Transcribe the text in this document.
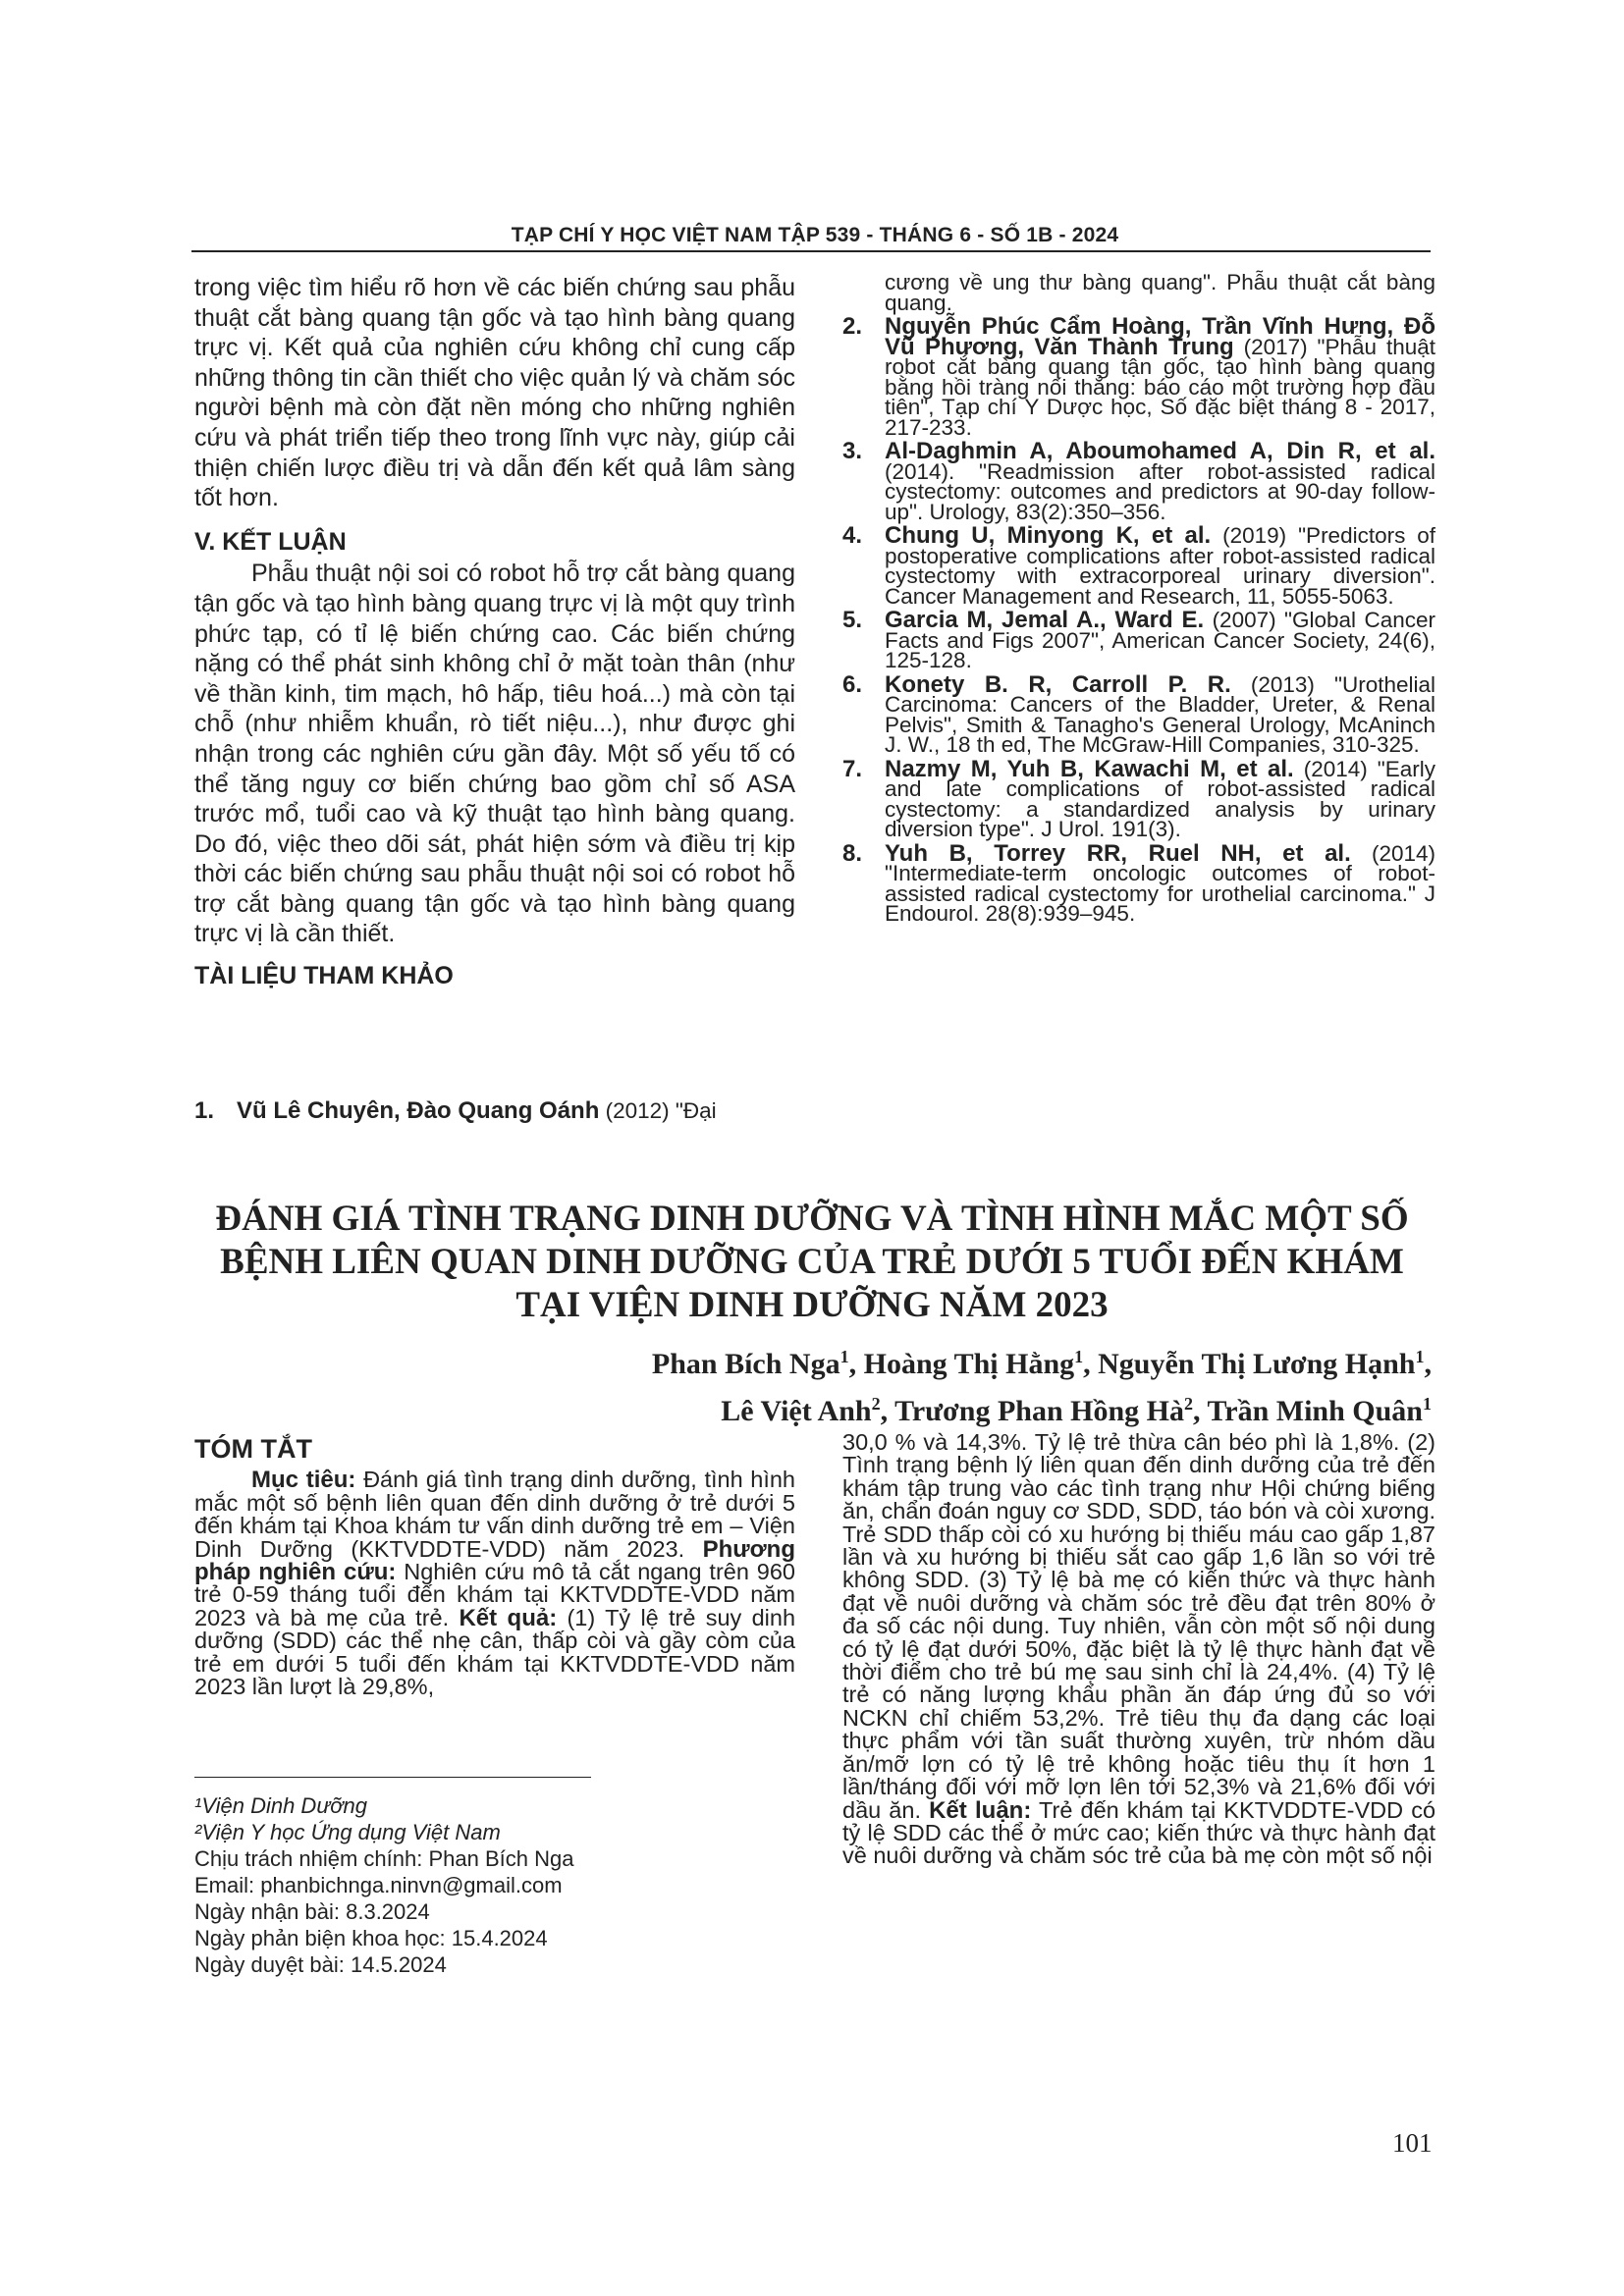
TẠP CHÍ Y HỌC VIỆT NAM TẬP 539 - THÁNG 6 - SỐ 1B - 2024

trong việc tìm hiểu rõ hơn về các biến chứng sau phẫu thuật cắt bàng quang tận gốc và tạo hình bàng quang trực vị. Kết quả của nghiên cứu không chỉ cung cấp những thông tin cần thiết cho việc quản lý và chăm sóc người bệnh mà còn đặt nền móng cho những nghiên cứu và phát triển tiếp theo trong lĩnh vực này, giúp cải thiện chiến lược điều trị và dẫn đến kết quả lâm sàng tốt hơn.

V. KẾT LUẬN

Phẫu thuật nội soi có robot hỗ trợ cắt bàng quang tận gốc và tạo hình bàng quang trực vị là một quy trình phức tạp, có tỉ lệ biến chứng cao. Các biến chứng nặng có thể phát sinh không chỉ ở mặt toàn thân (như về thần kinh, tim mạch, hô hấp, tiêu hoá...) mà còn tại chỗ (như nhiễm khuẩn, rò tiết niệu...), như được ghi nhận trong các nghiên cứu gần đây. Một số yếu tố có thể tăng nguy cơ biến chứng bao gồm chỉ số ASA trước mổ, tuổi cao và kỹ thuật tạo hình bàng quang. Do đó, việc theo dõi sát, phát hiện sớm và điều trị kịp thời các biến chứng sau phẫu thuật nội soi có robot hỗ trợ cắt bàng quang tận gốc và tạo hình bàng quang trực vị là cần thiết.

TÀI LIỆU THAM KHẢO
1. Vũ Lê Chuyên, Đào Quang Oánh (2012) "Đại
cương về ung thư bàng quang". Phẫu thuật cắt bàng quang.
2. Nguyễn Phúc Cẩm Hoàng, Trần Vĩnh Hưng, Đỗ Vũ Phương, Văn Thành Trung (2017) "Phẫu thuật robot cắt bàng quang tận gốc, tạo hình bàng quang bằng hồi tràng nối thẳng: báo cáo một trường hợp đầu tiên", Tạp chí Y Dược học, Số đặc biệt tháng 8 - 2017, 217-233.
3. Al-Daghmin A, Aboumohamed A, Din R, et al. (2014). "Readmission after robot-assisted radical cystectomy: outcomes and predictors at 90-day follow-up". Urology, 83(2):350–356.
4. Chung U, Minyong K, et al. (2019) "Predictors of postoperative complications after robot-assisted radical cystectomy with extracorporeal urinary diversion". Cancer Management and Research, 11, 5055-5063.
5. Garcia M, Jemal A., Ward E. (2007) "Global Cancer Facts and Figs 2007", American Cancer Society, 24(6), 125-128.
6. Konety B. R, Carroll P. R. (2013) "Urothelial Carcinoma: Cancers of the Bladder, Ureter, & Renal Pelvis", Smith & Tanagho's General Urology, McAninch J. W., 18 th ed, The McGraw-Hill Companies, 310-325.
7. Nazmy M, Yuh B, Kawachi M, et al. (2014) "Early and late complications of robot-assisted radical cystectomy: a standardized analysis by urinary diversion type". J Urol. 191(3).
8. Yuh B, Torrey RR, Ruel NH, et al. (2014) "Intermediate-term oncologic outcomes of robot-assisted radical cystectomy for urothelial carcinoma." J Endourol. 28(8):939–945.
ĐÁNH GIÁ TÌNH TRẠNG DINH DƯỠNG VÀ TÌNH HÌNH MẮC MỘT SỐ BỆNH LIÊN QUAN DINH DƯỠNG CỦA TRẺ DƯỚI 5 TUỔI ĐẾN KHÁM TẠI VIỆN DINH DƯỠNG NĂM 2023
Phan Bích Nga$^1$, Hoàng Thị Hằng$^1$, Nguyễn Thị Lương Hạnh$^1$,
Lê Việt Anh$^2$, Trương Phan Hồng $Hà^2$, Trần Minh Quân$^1$
TÓM TẮT

Mục tiêu: Đánh giá tình trạng dinh dưỡng, tình hình mắc một số bệnh liên quan đến dinh dưỡng ở trẻ dưới 5 đến khám tại Khoa khám tư vấn dinh dưỡng trẻ em – Viện Dinh Dưỡng (KKTVDDTE-VDD) năm 2023. Phương pháp nghiên cứu: Nghiên cứu mô tả cắt ngang trên 960 trẻ 0-59 tháng tuổi đến khám tại KKTVDDTE-VDD năm 2023 và bà mẹ của trẻ. Kết quả: (1) Tỷ lệ trẻ suy dinh dưỡng (SDD) các thể nhẹ cân, thấp còi và gầy còm của trẻ em dưới 5 tuổi đến khám tại KKTVDDTE-VDD năm 2023 lần lượt là 29,8%,

30,0 % và 14,3%. Tỷ lệ trẻ thừa cân béo phì là 1,8%. (2) Tình trạng bệnh lý liên quan đến dinh dưỡng của trẻ đến khám tập trung vào các tình trạng như Hội chứng biếng ăn, chẩn đoán nguy cơ SDD, SDD, táo bón và còi xương. Trẻ SDD thấp còi có xu hướng bị thiếu máu cao gấp 1,87 lần và xu hướng bị thiếu sắt cao gấp 1,6 lần so với trẻ không SDD. (3) Tỷ lệ bà mẹ có kiến thức và thực hành đạt về nuôi dưỡng và chăm sóc trẻ đều đạt trên 80% ở đa số các nội dung. Tuy nhiên, vẫn còn một số nội dung có tỷ lệ đạt dưới 50%, đặc biệt là tỷ lệ thực hành đạt về thời điểm cho trẻ bú mẹ sau sinh chỉ là 24,4%. (4) Tỷ lệ trẻ có năng lượng khẩu phần ăn đáp ứng đủ so với NCKN chỉ chiếm 53,2%. Trẻ tiêu thụ đa dạng các loại thực phẩm với tần suất thường xuyên, trừ nhóm dầu ăn/mỡ lợn có tỷ lệ trẻ không hoặc tiêu thụ ít hơn 1 lần/tháng đối với mỡ lợn lên tới 52,3% và 21,6% đối với dầu ăn. Kết luận: Trẻ đến khám tại KKTVDDTE-VDD có tỷ lệ SDD các thể ở mức cao; kiến thức và thực hành đạt về nuôi dưỡng và chăm sóc trẻ của bà mẹ còn một số nội

¹Viện Dinh Dưỡng

²Viện Y học Ứng dụng Việt Nam

Chịu trách nhiệm chính: Phan Bích Nga

Email: phanbichnga.ninvn@gmail.com

Ngày nhận bài: 8.3.2024

Ngày phản biện khoa học: 15.4.2024

Ngày duyệt bài: 14.5.2024

101
